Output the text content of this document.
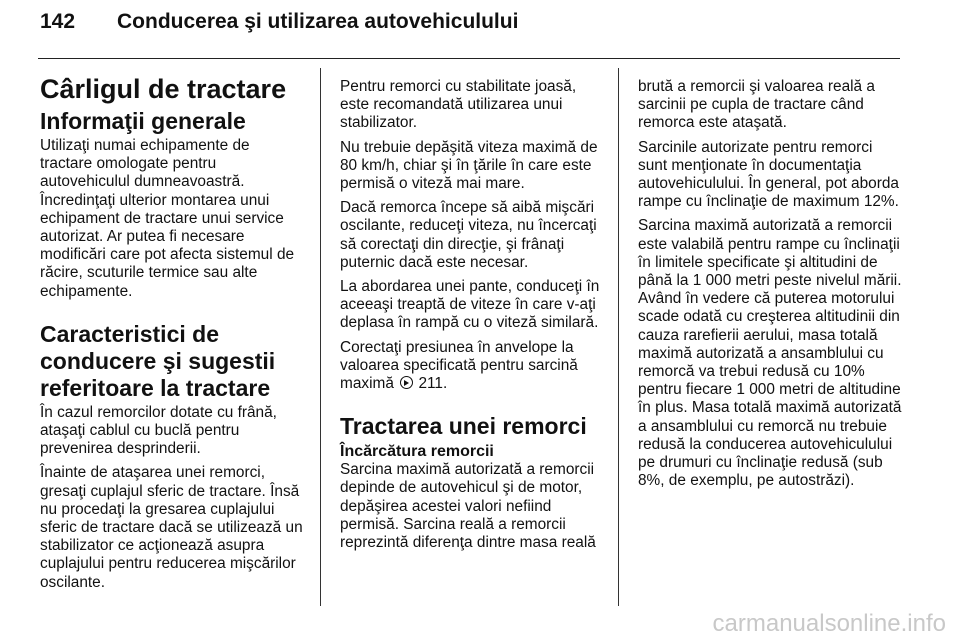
142 Conducerea şi utilizarea autovehiculului
Cârligul de tractare
Informaţii generale

Utilizaţi numai echipamente de tractare omologate pentru autovehiculul dumneavoastră. Încredinţaţi ulterior montarea unui echipament de tractare unui service autorizat. Ar putea fi necesare modificări care pot afecta sistemul de răcire, scuturile termice sau alte echipamente.

Caracteristici de conducere şi sugestii referitoare la tractare

În cazul remorcilor dotate cu frână, ataşaţi cablul cu buclă pentru prevenirea desprinderii.

Înainte de ataşarea unei remorci, gresaţi cuplajul sferic de tractare. Însă nu procedaţi la gresarea cuplajului sferic de tractare dacă se utilizează un stabilizator ce acţionează asupra cuplajului pentru reducerea mişcărilor oscilante.

Pentru remorci cu stabilitate joasă, este recomandată utilizarea unui stabilizator.

Nu trebuie depăşită viteza maximă de 80 km/h, chiar şi în ţările în care este permisă o viteză mai mare.

Dacă remorca începe să aibă mişcări oscilante, reduceţi viteza, nu încercaţi să corectaţi din direcţie, şi frânaţi puternic dacă este necesar.

La abordarea unei pante, conduceţi în aceeaşi treaptă de viteze în care v-aţi deplasa în rampă cu o viteză similară.

Corectaţi presiunea în anvelope la valoarea specificată pentru sarcină maximă 211.

Tractarea unei remorci
Încărcătura remorcii

Sarcina maximă autorizată a remorcii depinde de autovehicul şi de motor, depăşirea acestei valori nefiind permisă. Sarcina reală a remorcii reprezintă diferenţa dintre masa reală

brută a remorcii şi valoarea reală a sarcinii pe cupla de tractare când remorca este ataşată.

Sarcinile autorizate pentru remorci sunt menţionate în documentaţia autovehiculului. În general, pot aborda rampe cu înclinaţie de maximum 12%.

Sarcina maximă autorizată a remorcii este valabilă pentru rampe cu înclinaţii în limitele specificate şi altitudini de până la 1 000 metri peste nivelul mării. Având în vedere că puterea motorului scade odată cu creşterea altitudinii din cauza rarefierii aerului, masa totală maximă autorizată a ansamblului cu remorcă va trebui redusă cu 10% pentru fiecare 1 000 metri de altitudine în plus. Masa totală maximă autorizată a ansamblului cu remorcă nu trebuie redusă la conducerea autovehiculului pe drumuri cu înclinaţie redusă (sub 8%, de exemplu, pe autostrăzi).

carmanualsonline.info
